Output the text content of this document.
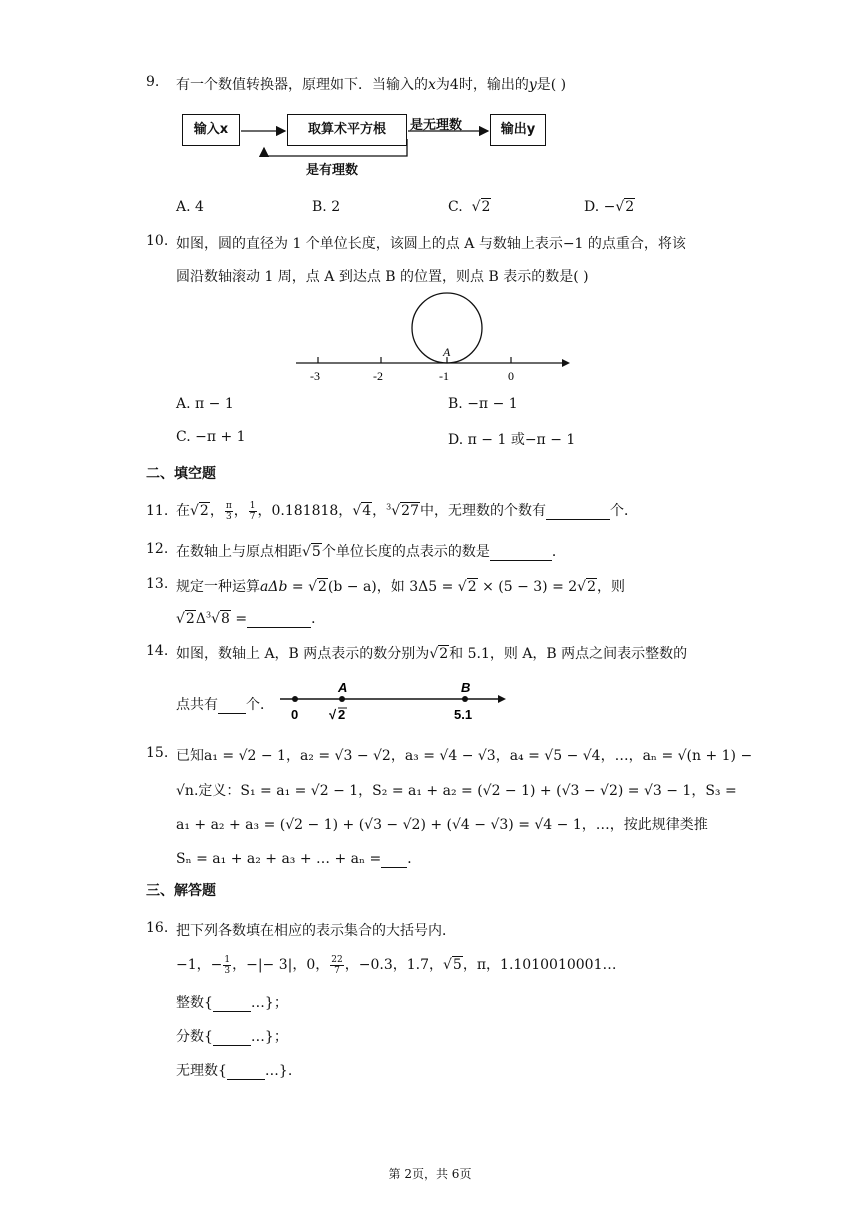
9. 有一个数值转换器，原理如下．当输入的x为4时，输出的y是( )
输入x	取算术平方根	输出y
是无理数
是有理数
A. 4	B. 2	C.  √2	D. −√2
10. 如图，圆的直径为 1 个单位长度，该圆上的点 A 与数轴上表示−1 的点重合，将该
圆沿数轴滚动 1 周，点 A 到达点 B 的位置，则点 B 表示的数是( )
A
-3	-2	-1	0
A. π − 1	B. −π − 1
C. −π + 1	D. π − 1 或−π − 1
二、填空题
11. 在√2， $\frac{\pi}{3}$ ， $\frac{1}{7}$ ，0.181818，√4，$^3$√27中，无理数的个数有	个．
12. 在数轴上与原点相距√5个单位长度的点表示的数是	．
13. 规定一种运算aΔb = √2(b − a)，如 3Δ5 = √2 × (5 − 3) = 2√2，则
$√2\Delta^3√8$ =	．
14. 如图，数轴上 A，B 两点表示的数分别为√2和 5.1，则 A，B 两点之间表示整数的
点共有 个．
A	B
0 √ 2	5.1
15. 已知a₁ = √2 − 1，a₂ = √3 − √2，a₃ = √4 − √3，a₄ = √5 − √4，…，aₙ = √(n + 1) −
√n.定义：S₁ = a₁ = √2 − 1，S₂ = a₁ + a₂ = (√2 − 1) + (√3 − √2) = √3 − 1，S₃ =
a₁ + a₂ + a₃ = (√2 − 1) + (√3 − √2) + (√4 − √3) = √4 − 1，…，按此规律类推
Sₙ = a₁ + a₂ + a₃ + … + aₙ = ．
三、解答题
16. 把下列各数填在相应的表示集合的大括号内．
−1，− $\frac{1}{3}$ ，−|− 3|，0， $\frac{22}{7}$ ，−0.3，1.7，√5，π，1.1010010001…
整数{	…}；
分数{	…}；
无理数{	…}.
第 2页，共 6页
